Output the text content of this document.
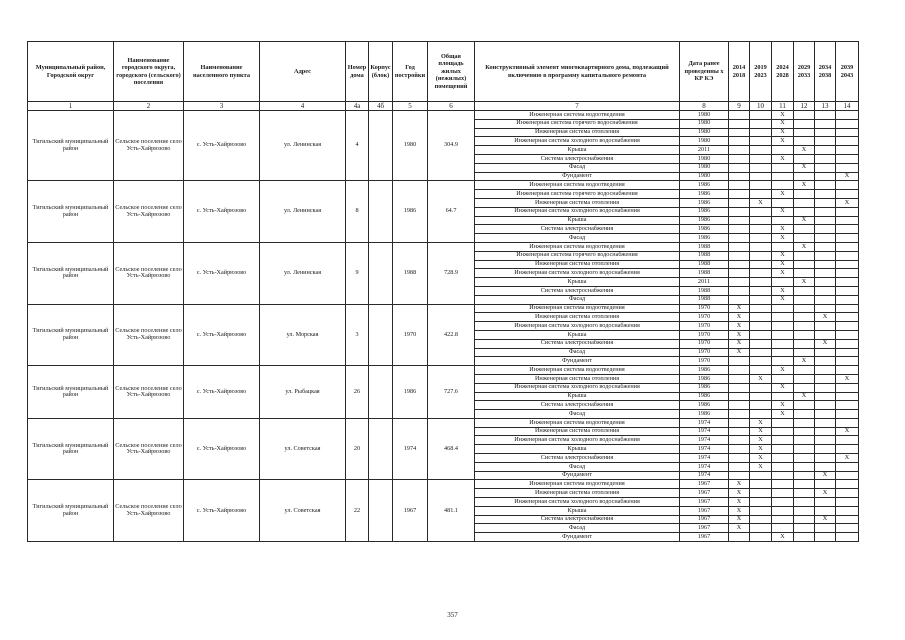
Муниципальный район, Городской округ	Наименование городского округа, городского (сельского) поселения	Наименование населенного пункта	Адрес	Номер дома	Корпус (блок)	Год постройки	Общая площадь жилых (нежилых) помещений	Конструктивный элемент многоквартирного дома, подлежащий включению в программу капитального ремонта	Дата ранее проведенны х КР КЭ	2014 2018	2019 2023	2024 2028	2029 2033	2034 2038	2039 2043
1	2	3	4	4а	4б	5	6	7	8	9	10	11	12	13	14
Тигильский муниципальный район	Сельское поселение село Усть-Хайрюзово	с. Усть-Хайрюзово	ул. Ленинская	4		1980	304.9	Инженерная система водоотведения	1980			X			
								Инженерная система горячего водоснабжения	1980			X			
								Инженерная система отопления	1980			X			
								Инженерная система холодного водоснабжения	1980			X			
								Крыша	2011				X		
								Система электроснабжения	1980			X			
								Фасад	1980				X		
								Фундамент	1980						X
Тигильский муниципальный район	Сельское поселение село Усть-Хайрюзово	с. Усть-Хайрюзово	ул. Ленинская	8		1986	64.7	Инженерная система водоотведения	1986				X		
								Инженерная система горячего водоснабжения	1986			X			
								Инженерная система отопления	1986		X				X
								Инженерная система холодного водоснабжения	1986			X			
								Крыша	1986				X		
								Система электроснабжения	1986			X			
								Фасад	1986			X			
Тигильский муниципальный район	Сельское поселение село Усть-Хайрюзово	с. Усть-Хайрюзово	ул. Ленинская	9		1988	728.9	Инженерная система водоотведения	1988				X		
								Инженерная система горячего водоснабжения	1988			X			
								Инженерная система отопления	1988			X			
								Инженерная система холодного водоснабжения	1988			X			
								Крыша	2011				X		
								Система электроснабжения	1988			X			
								Фасад	1988			X			
Тигильский муниципальный район	Сельское поселение село Усть-Хайрюзово	с. Усть-Хайрюзово	ул. Морская	3		1970	422.8	Инженерная система водоотведения	1970	X					
								Инженерная система отопления	1970	X				X	
								Инженерная система холодного водоснабжения	1970	X					
								Крыша	1970	X					
								Система электроснабжения	1970	X				X	
								Фасад	1970	X					
								Фундамент	1970				X		
Тигильский муниципальный район	Сельское поселение село Усть-Хайрюзово	с. Усть-Хайрюзово	ул. Рыбацкая	26		1986	727.6	Инженерная система водоотведения	1986			X			
								Инженерная система отопления	1986		X				X
								Инженерная система холодного водоснабжения	1986			X			
								Крыша	1986				X		
								Система электроснабжения	1986			X			
								Фасад	1986			X			
Тигильский муниципальный район	Сельское поселение село Усть-Хайрюзово	с. Усть-Хайрюзово	ул. Советская	20		1974	468.4	Инженерная система водоотведения	1974		X				
								Инженерная система отопления	1974		X				X
								Инженерная система холодного водоснабжения	1974		X				
								Крыша	1974		X				
								Система электроснабжения	1974		X				X
								Фасад	1974		X				
								Фундамент	1974					X	
Тигильский муниципальный район	Сельское поселение село Усть-Хайрюзово	с. Усть-Хайрюзово	ул. Советская	22		1967	481.1	Инженерная система водоотведения	1967	X					
								Инженерная система отопления	1967	X				X	
								Инженерная система холодного водоснабжения	1967	X					
								Крыша	1967	X					
								Система электроснабжения	1967	X				X	
								Фасад	1967	X					
								Фундамент	1967			X			
357
